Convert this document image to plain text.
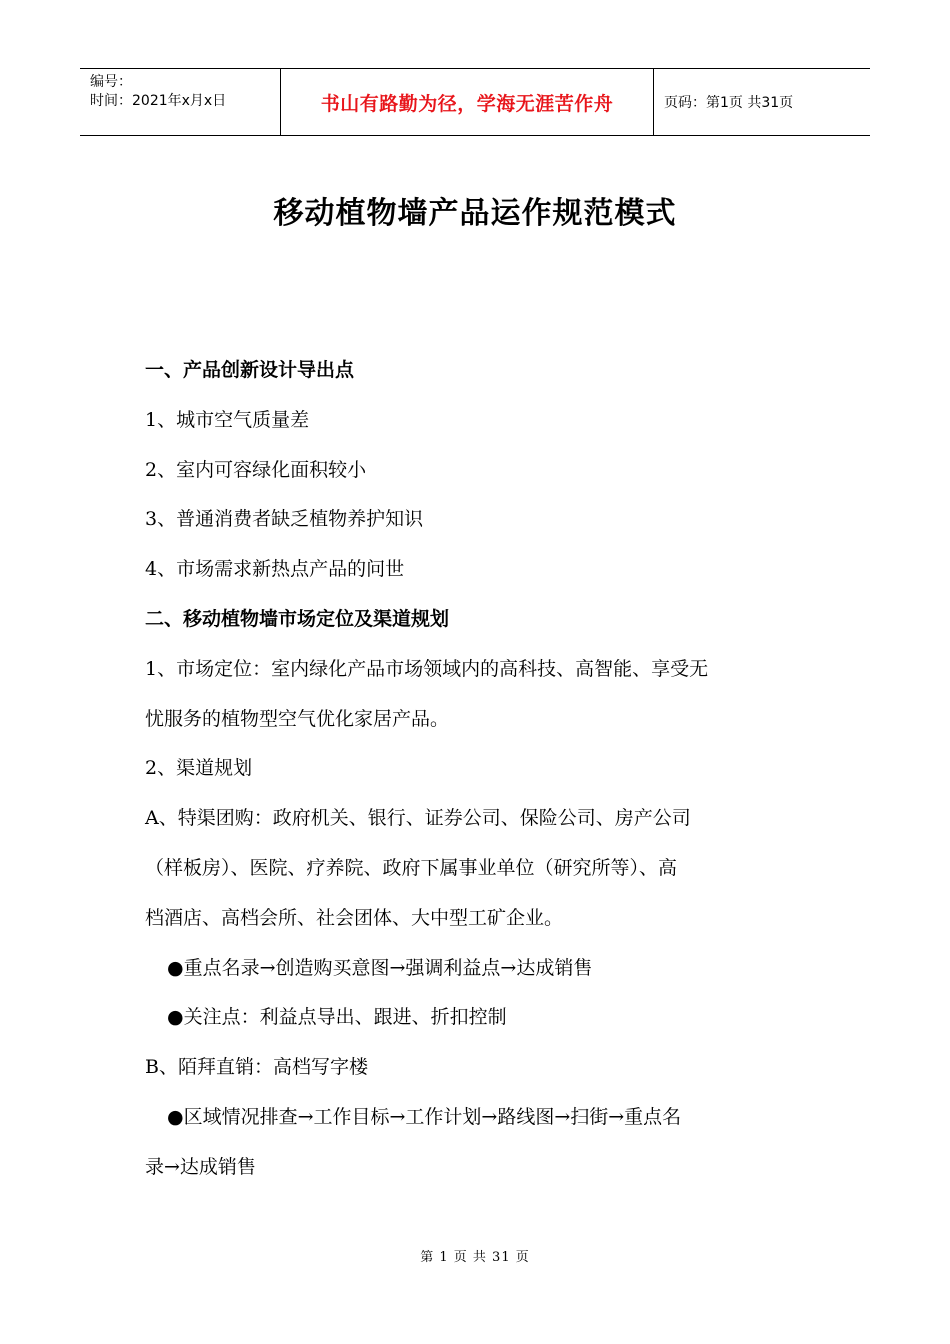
编号：
时间：2021年x月x日	书山有路勤为径，学海无涯苦作舟	页码：第1页 共31页
移动植物墙产品运作规范模式

一、产品创新设计导出点

1、城市空气质量差

2、室内可容绿化面积较小

3、普通消费者缺乏植物养护知识

4、市场需求新热点产品的问世

二、移动植物墙市场定位及渠道规划

1、市场定位：室内绿化产品市场领域内的高科技、高智能、享受无

忧服务的植物型空气优化家居产品。

2、渠道规划

A、特渠团购：政府机关、银行、证券公司、保险公司、房产公司

（样板房）、医院、疗养院、政府下属事业单位（研究所等）、高

档酒店、高档会所、社会团体、大中型工矿企业。

●重点名录→创造购买意图→强调利益点→达成销售

●关注点：利益点导出、跟进、折扣控制

B、陌拜直销：高档写字楼

●区域情况排查→工作目标→工作计划→路线图→扫街→重点名

录→达成销售

第 1 页 共 31 页
